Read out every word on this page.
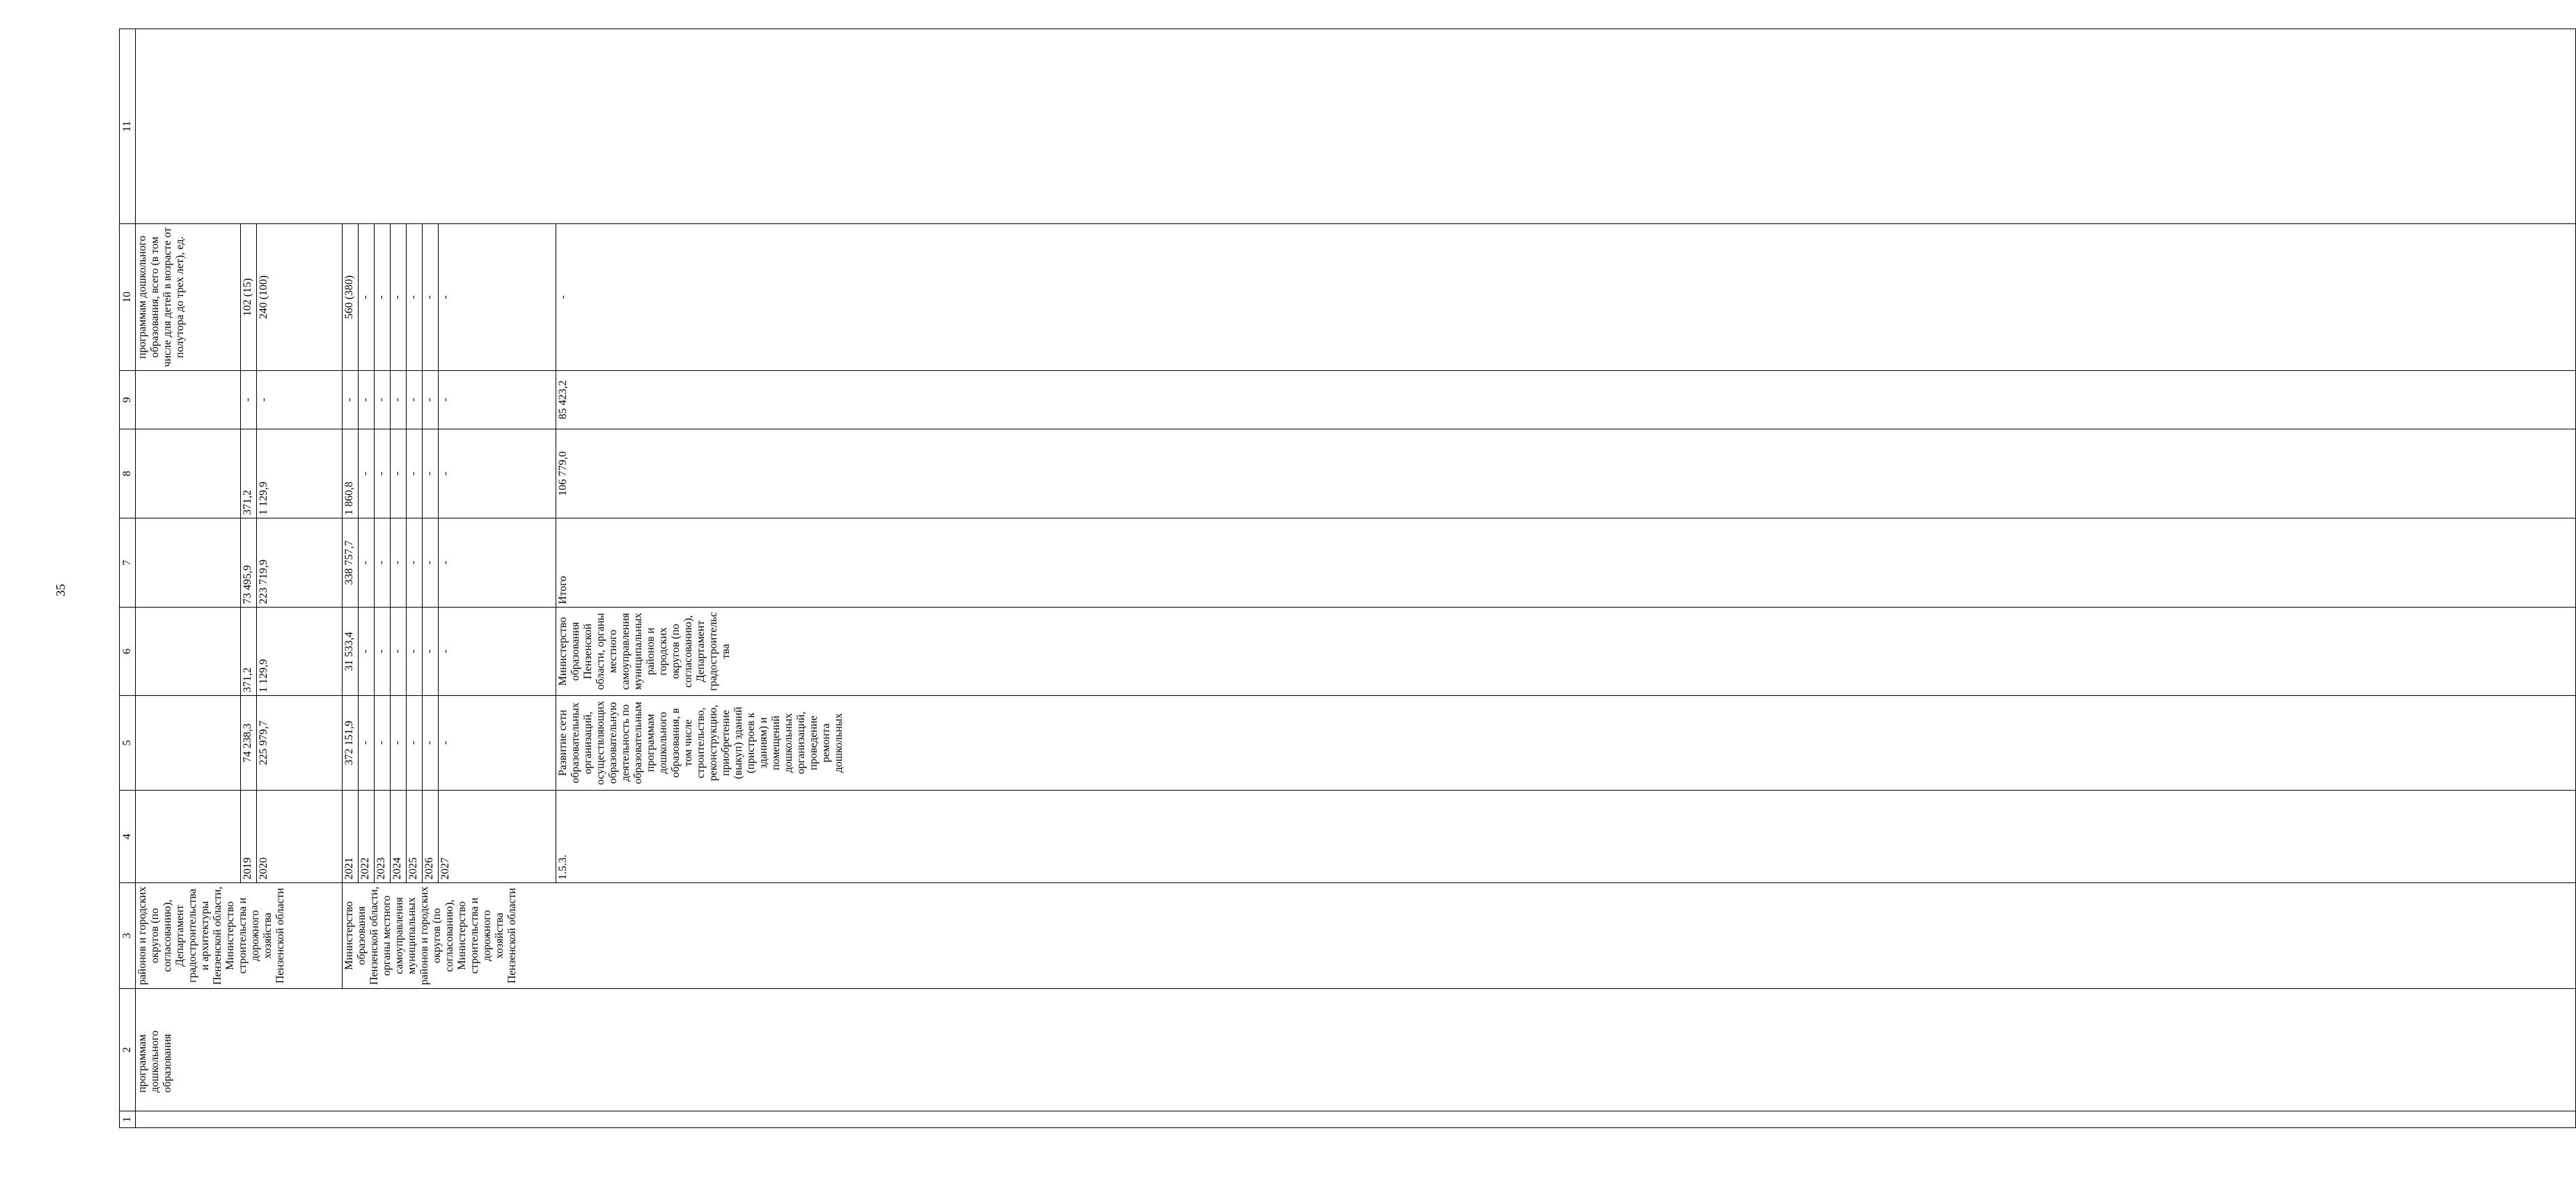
35
1	2	3	4	5	6	7	8	9	10	11	
	программам дошкольного образования	районов и городских округов (по согласованию), Департамент градостроительства и архитектуры Пензенской области, Министерство строительства и дорожного хозяйства Пензенской области							программам дошкольного образования, всего (в том числе для детей в возрасте от полутора до трех лет), ед.		
			2019	74 238,3	371,2	73 495,9	371,2	-	102 (15)		
			2020	225 979,7	1 129,9	223 719,9	1 129,9	-	240 (100)		
		Министерство образования Пензенской области, органы местного самоуправления муниципальных районов и городских округов (по согласованию), Министерство строительства и дорожного хозяйства Пензенской области	2021	372 151,9	31 533,4	338 757,7	1 860,8	-	560 (380)		
			2022	-	-	-	-	-	-		
			2023	-	-	-	-	-	-		
			2024	-	-	-	-	-	-		
			2025	-	-	-	-	-	-		
			2026	-	-	-	-	-	-		
			2027	-	-	-	-	-	-		
			1.5.3.	Развитие сети образовательных организаций, осуществляющих образовательную деятельность по образовательным программам дошкольного образования, в том числе строительство, реконструкцию, приобретение (выкуп) зданий (пристроев к зданиям) и помещений дошкольных организаций, проведение ремонта дошкольных	Министерство образования Пензенской области, органы местного самоуправления муниципальных районов и городских округов (по согласованию), Департамент градостроительства	Итого	106 779,0	85 423,2	-				
